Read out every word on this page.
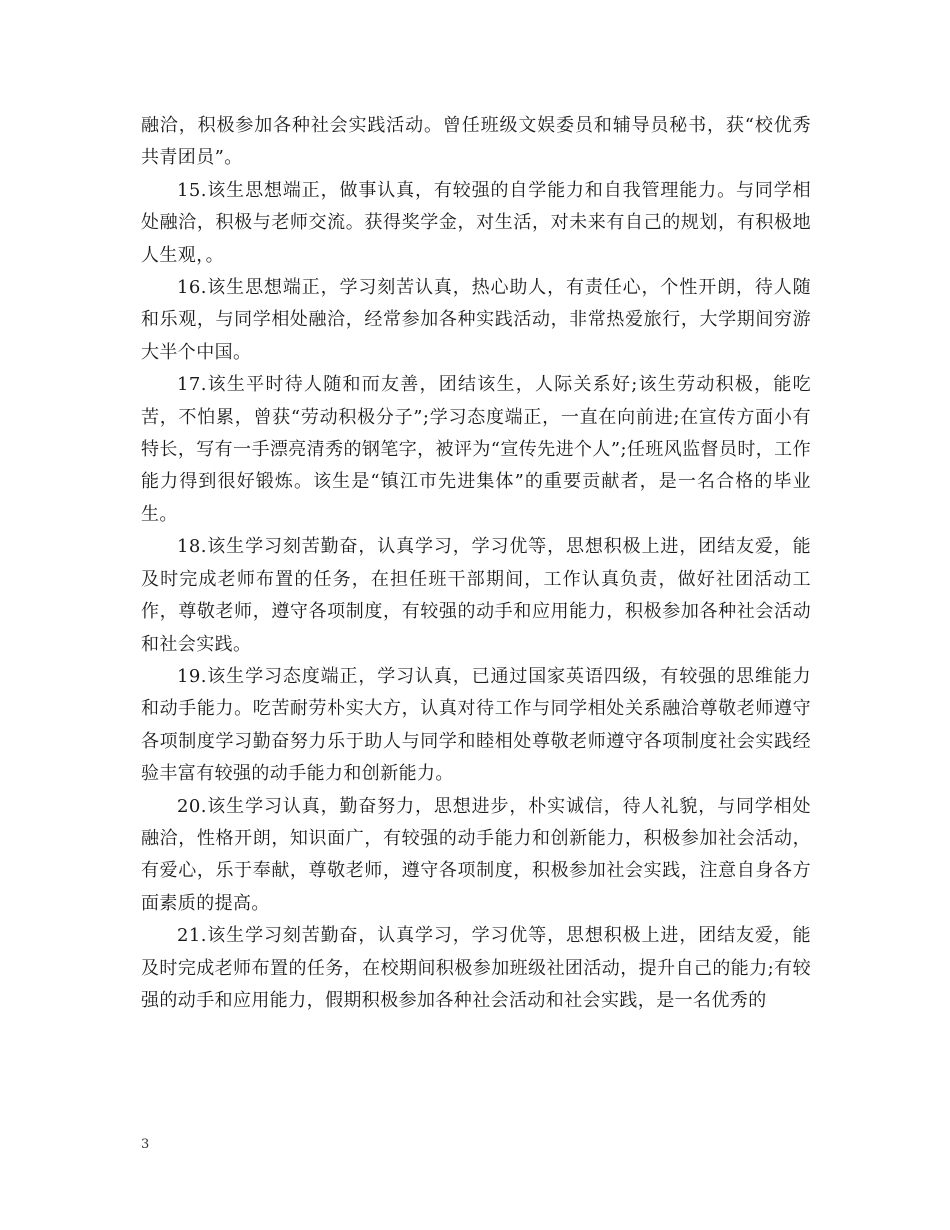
融洽，积极参加各种社会实践活动。曾任班级文娱委员和辅导员秘书，获“校优秀共青团员”。

15.该生思想端正，做事认真，有较强的自学能力和自我管理能力。与同学相处融洽，积极与老师交流。获得奖学金，对生活，对未来有自己的规划，有积极地人生观，。

16.该生思想端正，学习刻苦认真，热心助人，有责任心，个性开朗，待人随和乐观，与同学相处融洽，经常参加各种实践活动，非常热爱旅行，大学期间穷游大半个中国。

17.该生平时待人随和而友善，团结该生，人际关系好;该生劳动积极，能吃苦，不怕累，曾获“劳动积极分子”;学习态度端正，一直在向前进;在宣传方面小有特长，写有一手漂亮清秀的钢笔字，被评为“宣传先进个人”;任班风监督员时，工作能力得到很好锻炼。该生是“镇江市先进集体”的重要贡献者，是一名合格的毕业生。

18.该生学习刻苦勤奋，认真学习，学习优等，思想积极上进，团结友爱，能及时完成老师布置的任务，在担任班干部期间，工作认真负责，做好社团活动工作，尊敬老师，遵守各项制度，有较强的动手和应用能力，积极参加各种社会活动和社会实践。

19.该生学习态度端正，学习认真，已通过国家英语四级，有较强的思维能力和动手能力。吃苦耐劳朴实大方，认真对待工作与同学相处关系融洽尊敬老师遵守各项制度学习勤奋努力乐于助人与同学和睦相处尊敬老师遵守各项制度社会实践经验丰富有较强的动手能力和创新能力。

20.该生学习认真，勤奋努力，思想进步，朴实诚信，待人礼貌，与同学相处融洽，性格开朗，知识面广，有较强的动手能力和创新能力，积极参加社会活动，有爱心，乐于奉献，尊敬老师，遵守各项制度，积极参加社会实践，注意自身各方面素质的提高。

21.该生学习刻苦勤奋，认真学习，学习优等，思想积极上进，团结友爱，能及时完成老师布置的任务，在校期间积极参加班级社团活动，提升自己的能力;有较强的动手和应用能力，假期积极参加各种社会活动和社会实践，是一名优秀的

3
